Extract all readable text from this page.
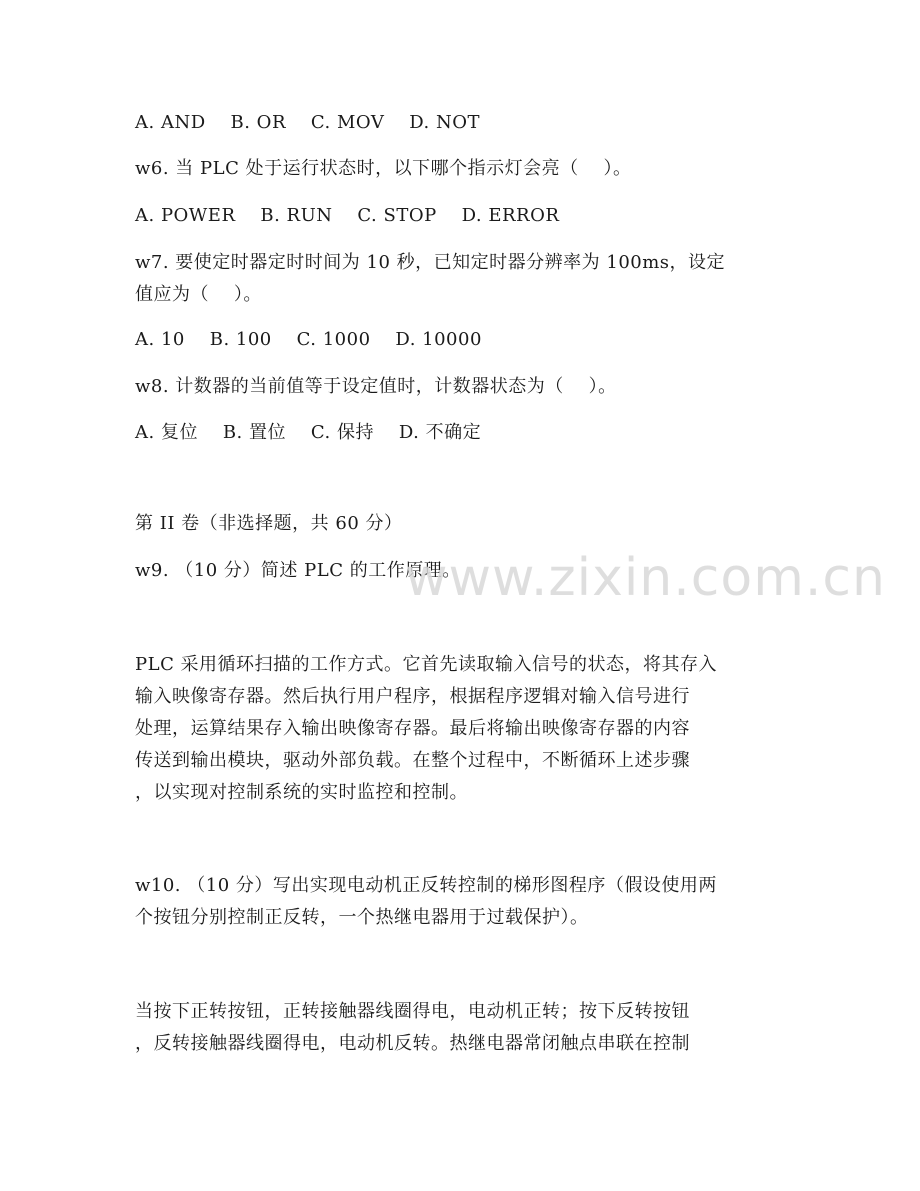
A. AND    B. OR    C. MOV    D. NOT
w6. 当 PLC 处于运行状态时，以下哪个指示灯会亮（    ）。
A. POWER    B. RUN    C. STOP    D. ERROR
w7. 要使定时器定时时间为 10 秒，已知定时器分辨率为 100ms，设定
值应为（    ）。
A. 10    B. 100    C. 1000    D. 10000
w8. 计数器的当前值等于设定值时，计数器状态为（    ）。
A. 复位    B. 置位    C. 保持    D. 不确定
第 II 卷（非选择题，共 60 分）
w9. （10 分）简述 PLC 的工作原理。
www.zixin.com.cn
PLC 采用循环扫描的工作方式。它首先读取输入信号的状态，将其存入
输入映像寄存器。然后执行用户程序，根据程序逻辑对输入信号进行
处理，运算结果存入输出映像寄存器。最后将输出映像寄存器的内容
传送到输出模块，驱动外部负载。在整个过程中，不断循环上述步骤
，以实现对控制系统的实时监控和控制。
w10. （10 分）写出实现电动机正反转控制的梯形图程序（假设使用两
个按钮分别控制正反转，一个热继电器用于过载保护）。
当按下正转按钮，正转接触器线圈得电，电动机正转；按下反转按钮
，反转接触器线圈得电，电动机反转。热继电器常闭触点串联在控制
